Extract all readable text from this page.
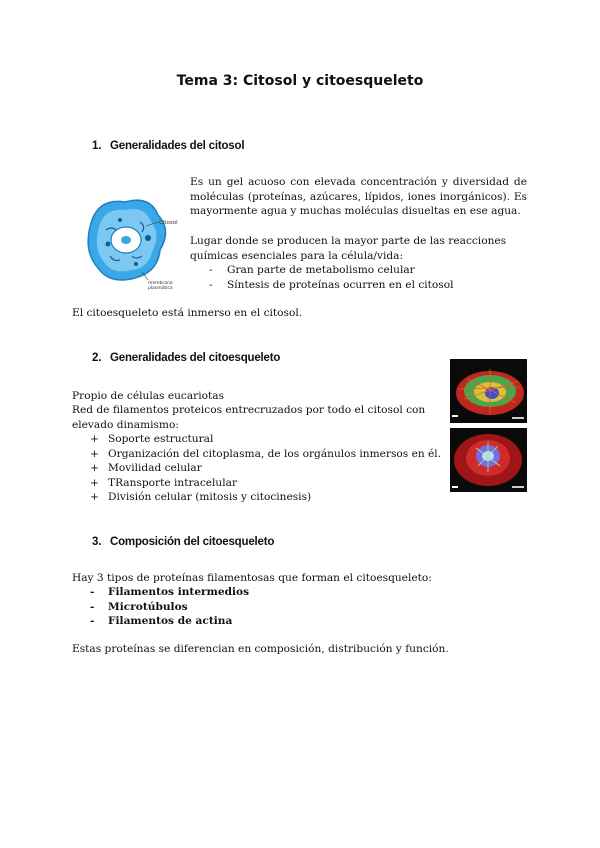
Tema 3: Citosol y citoesqueleto
1. Generalidades del citosol
Citosol
membrana
plasmática
Es un gel acuoso con elevada concentración y diversidad de moléculas (proteínas, azúcares, lípidos, iones inorgánicos). Es mayormente agua y muchas moléculas disueltas en ese agua.
Lugar donde se producen la mayor parte de las reacciones químicas esenciales para la célula/vida:
- Gran parte de metabolismo celular
- Síntesis de proteínas ocurren en el citosol
El citoesqueleto está inmerso en el citosol.
2. Generalidades del citoesqueleto
Propio de células eucariotas
Red de filamentos proteicos entrecruzados por todo el citosol con elevado dinamismo:
+ Soporte estructural
+ Organización del citoplasma, de los orgánulos inmersos en él.
+ Movilidad celular
+ TRansporte intracelular
+ División celular (mitosis y citocinesis)
3. Composición del citoesqueleto
Hay 3 tipos de proteínas filamentosas que forman el citoesqueleto:
- Filamentos intermedios
- Microtúbulos
- Filamentos de actina
Estas proteínas se diferencian en composición, distribución y función.
